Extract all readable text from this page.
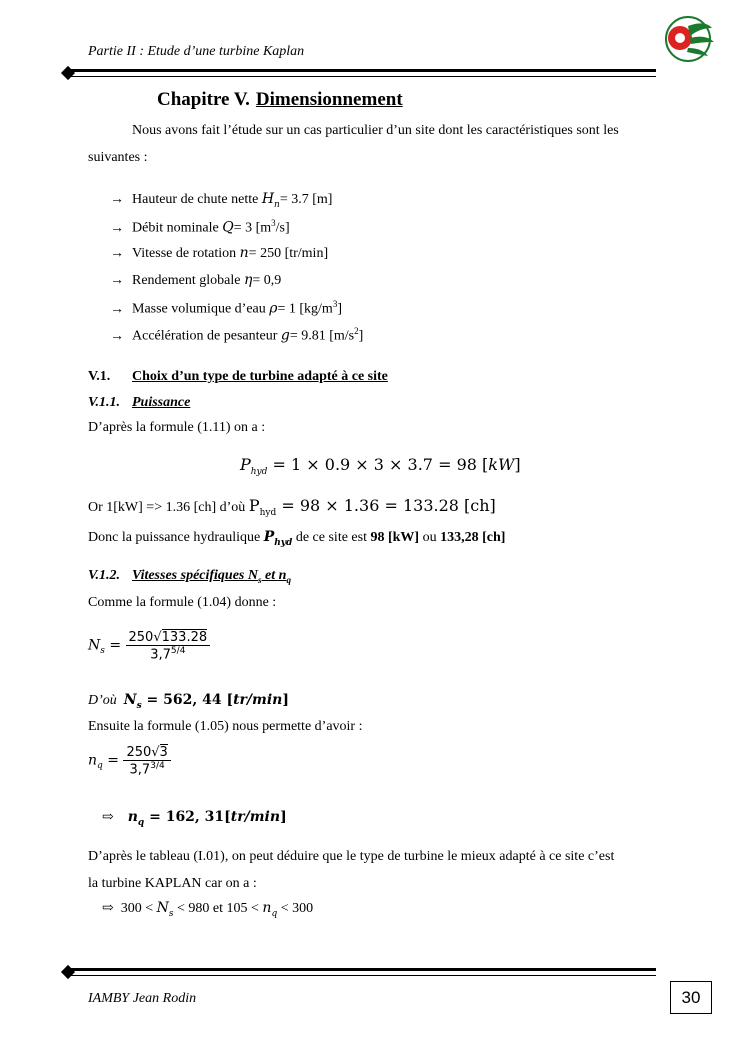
Partie II : Etude d’une turbine Kaplan
Chapitre V. Dimensionnement
Nous avons fait l’étude sur un cas particulier d’un site dont les caractéristiques sont les
suivantes :
→ Hauteur de chute nette $H_n= 3.7$ [m]
→ Débit nominale Q= 3 $[m^3/s]$
→ Vitesse de rotation n= 250 [tr/min]
→ Rendement globale η= 0,9
→ Masse volumique d’eau ρ= 1 $[kg/m^3]$
→ Accélération de pesanteur g= 9.81 $[m/s^2]$
V.1. Choix d’un type de turbine adapté à ce site
V.1.1. Puissance
D’après la formule (1.11) on a :
$P_{hyd} = 1 \times 0.9 \times 3 \times 3.7 = 98$ [kW]
Or 1[kW] => 1.36 [ch] d’où $P_{hyd} = 98 \times 1.36 = 133.28$ [ch]
Donc la puissance hydraulique $P_{hyd}$ de ce site est 98 [kW] ou 133,28 [ch]
V.1.2. Vitesses spécifiques $N_s$ et $n_q$
Comme la formule (1.04) donne :
$N_s = \frac{250√133.28}{3,7^{5/4}}$
D’où $N_s = 562$, 44 [tr/min]
Ensuite la formule (1.05) nous permette d’avoir :
$n_q = \frac{250√3}{3,7^{3/4}}$
⇨ $n_q = 162$, 31[tr/min]
D’après le tableau (I.01), on peut déduire que le type de turbine le mieux adapté à ce site c’est
la turbine KAPLAN car on a :
⇨ $300 < N_s < 980$ et $105 < n_q < 300$
IAMBY Jean Rodin	30
